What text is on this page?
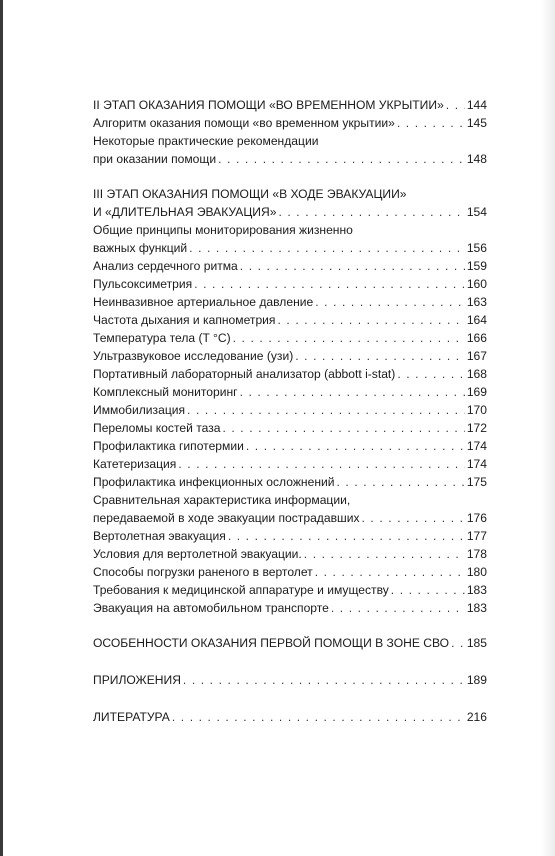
II ЭТАП ОКАЗАНИЯ ПОМОЩИ «ВО ВРЕМЕННОМ УКРЫТИИ» . . . 144
Алгоритм оказания помощи «во временном укрытии» . . .	145
Некоторые практические рекомендации
при оказании помощи . . .	148
III ЭТАП ОКАЗАНИЯ ПОМОЩИ «В ХОДЕ ЭВАКУАЦИИ»
И «ДЛИТЕЛЬНАЯ ЭВАКУАЦИЯ» . . .	154
Общие принципы мониторирования жизненно
важных функций . . .	156
Анализ сердечного ритма . . .	159
Пульсоксиметрия . . .	160
Неинвазивное артериальное давление . . .	163
Частота дыхания и капнометрия . . .	164
Температура тела (T °C) . . .	166
Ультразвуковое исследование (узи) . . .	167
Портативный лабораторный анализатор (abbott i-stat) . . .	168
Комплексный мониторинг . . .	169
Иммобилизация . . .	170
Переломы костей таза . . .	172
Профилактика гипотермии . . .	174
Катетеризация . . .	174
Профилактика инфекционных осложнений . . .	175
Сравнительная характеристика информации,
передаваемой в ходе эвакуации пострадавших . . .	176
Вертолетная эвакуация . . .	177
Условия для вертолетной эвакуации. . . .	178
Способы погрузки раненого в вертолет . . .	180
Требования к медицинской аппаратуре и имуществу . . .	183
Эвакуация на автомобильном транспорте . . .	183
ОСОБЕННОСТИ ОКАЗАНИЯ ПЕРВОЙ ПОМОЩИ В ЗОНЕ СВО . . . 185
ПРИЛОЖЕНИЯ . . .	189
ЛИТЕРАТУРА . . .	216
